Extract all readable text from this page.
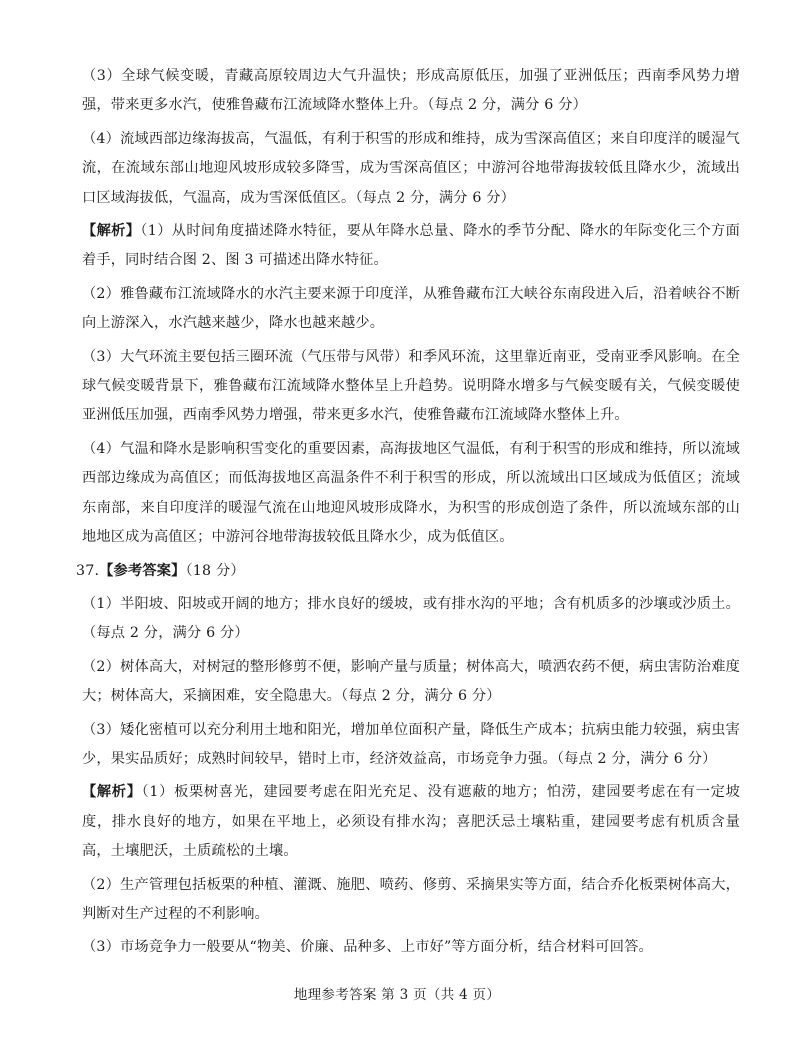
（3）全球气候变暖，青藏高原较周边大气升温快；形成高原低压，加强了亚洲低压；西南季风势力增强，带来更多水汽，使雅鲁藏布江流域降水整体上升。（每点 2 分，满分 6 分）

（4）流域西部边缘海拔高，气温低，有利于积雪的形成和维持，成为雪深高值区；来自印度洋的暖湿气流，在流域东部山地迎风坡形成较多降雪，成为雪深高值区；中游河谷地带海拔较低且降水少，流域出口区域海拔低，气温高，成为雪深低值区。（每点 2 分，满分 6 分）

【解析】（1）从时间角度描述降水特征，要从年降水总量、降水的季节分配、降水的年际变化三个方面着手，同时结合图 2、图 3 可描述出降水特征。

（2）雅鲁藏布江流域降水的水汽主要来源于印度洋，从雅鲁藏布江大峡谷东南段进入后，沿着峡谷不断向上游深入，水汽越来越少，降水也越来越少。

（3）大气环流主要包括三圈环流（气压带与风带）和季风环流，这里靠近南亚，受南亚季风影响。在全球气候变暖背景下，雅鲁藏布江流域降水整体呈上升趋势。说明降水增多与气候变暖有关，气候变暖使亚洲低压加强，西南季风势力增强，带来更多水汽，使雅鲁藏布江流域降水整体上升。

（4）气温和降水是影响积雪变化的重要因素，高海拔地区气温低，有利于积雪的形成和维持，所以流域西部边缘成为高值区；而低海拔地区高温条件不利于积雪的形成，所以流域出口区域成为低值区；流域东南部，来自印度洋的暖湿气流在山地迎风坡形成降水，为积雪的形成创造了条件，所以流域东部的山地地区成为高值区；中游河谷地带海拔较低且降水少，成为低值区。

37.【参考答案】（18 分）

（1）半阳坡、阳坡或开阔的地方；排水良好的缓坡，或有排水沟的平地；含有机质多的沙壤或沙质土。（每点 2 分，满分 6 分）

（2）树体高大，对树冠的整形修剪不便，影响产量与质量；树体高大，喷洒农药不便，病虫害防治难度大；树体高大，采摘困难，安全隐患大。（每点 2 分，满分 6 分）

（3）矮化密植可以充分利用土地和阳光，增加单位面积产量，降低生产成本；抗病虫能力较强，病虫害少，果实品质好；成熟时间较早，错时上市，经济效益高，市场竞争力强。（每点 2 分，满分 6 分）

【解析】（1）板栗树喜光，建园要考虑在阳光充足、没有遮蔽的地方；怕涝，建园要考虑在有一定坡度，排水良好的地方，如果在平地上，必须设有排水沟；喜肥沃忌土壤粘重，建园要考虑有机质含量高，土壤肥沃，土质疏松的土壤。

（2）生产管理包括板栗的种植、灌溉、施肥、喷药、修剪、采摘果实等方面，结合乔化板栗树体高大，判断对生产过程的不利影响。

（3）市场竞争力一般要从“物美、价廉、品种多、上市好”等方面分析，结合材料可回答。

地理参考答案 第 3 页（共 4 页）
